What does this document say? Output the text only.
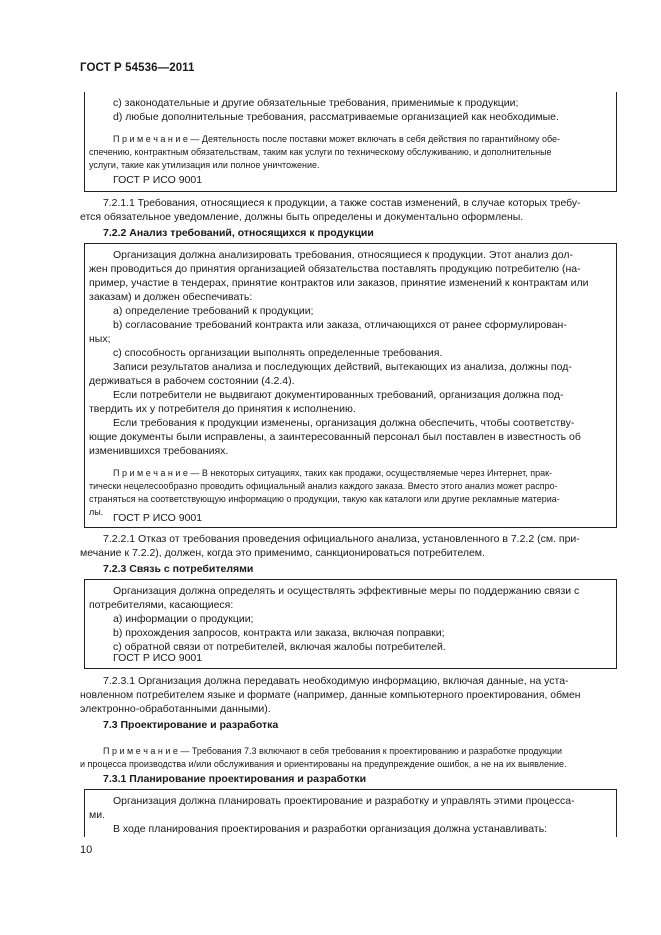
ГОСТ Р 54536—2011
c) законодательные и другие обязательные требования, применимые к продукции;
d) любые дополнительные требования, рассматриваемые организацией как необходимые.
П р и м е ч а н и е — Деятельность после поставки может включать в себя действия по гарантийному обе-
спечению, контрактным обязательствам, таким как услуги по техническому обслуживанию, и дополнительные
услуги, такие как утилизация или полное уничтожение.
ГОСТ Р ИСО 9001
7.2.1.1 Требования, относящиеся к продукции, а также состав изменений, в случае которых требу-
ется обязательное уведомление, должны быть определены и документально оформлены.
7.2.2 Анализ требований, относящихся к продукции
Организация должна анализировать требования, относящиеся к продукции. Этот анализ дол-
жен проводиться до принятия организацией обязательства поставлять продукцию потребителю (на-
пример, участие в тендерах, принятие контрактов или заказов, принятие изменений к контрактам или
заказам) и должен обеспечивать:
a) определение требований к продукции;
b) согласование требований контракта или заказа, отличающихся от ранее сформулирован-
ных;
c) способность организации выполнять определенные требования.
Записи результатов анализа и последующих действий, вытекающих из анализа, должны под-
держиваться в рабочем состоянии (4.2.4).
Если потребители не выдвигают документированных требований, организация должна под-
твердить их у потребителя до принятия к исполнению.
Если требования к продукции изменены, организация должна обеспечить, чтобы соответству-
ющие документы были исправлены, а заинтересованный персонал был поставлен в известность об
изменившихся требованиях.
П р и м е ч а н и е — В некоторых ситуациях, таких как продажи, осуществляемые через Интернет, прак-
тически нецелесообразно проводить официальный анализ каждого заказа. Вместо этого анализ может распро-
страняться на соответствующую информацию о продукции, такую как каталоги или другие рекламные материа-
лы. ГОСТ Р ИСО 9001
7.2.2.1 Отказ от требования проведения официального анализа, установленного в 7.2.2 (см. при-
мечание к 7.2.2), должен, когда это применимо, санкционироваться потребителем.
7.2.3 Связь с потребителями
Организация должна определять и осуществлять эффективные меры по поддержанию связи с
потребителями, касающиеся:
a) информации о продукции;
b) прохождения запросов, контракта или заказа, включая поправки;
c) обратной связи от потребителей, включая жалобы потребителей.
ГОСТ Р ИСО 9001
7.2.3.1 Организация должна передавать необходимую информацию, включая данные, на уста-
новленном потребителем языке и формате (например, данные компьютерного проектирования, обмен
электронно-обработанными данными).
7.3 Проектирование и разработка
П р и м е ч а н и е — Требования 7.3 включают в себя требования к проектированию и разработке продукции
и процесса производства и/или обслуживания и ориентированы на предупреждение ошибок, а не на их выявление.
7.3.1 Планирование проектирования и разработки
Организация должна планировать проектирование и разработку и управлять этими процесса-
ми.
В ходе планирования проектирования и разработки организация должна устанавливать:
10
